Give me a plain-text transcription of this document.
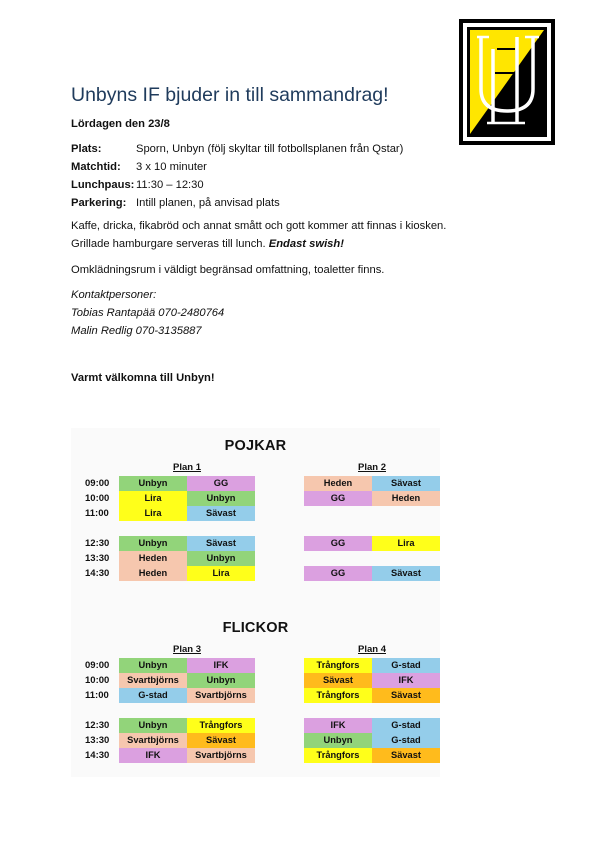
Unbyns IF bjuder in till sammandrag!
Lördagen den 23/8
Plats:	Sporn, Unbyn (följ skyltar till fotbollsplanen från Qstar)
Matchtid: 3 x 10 minuter
Lunchpaus: 11:30 – 12:30
Parkering: Intill planen, på anvisad plats
Kaffe, dricka, fikabröd och annat smått och gott kommer att finnas i kiosken.
Grillade hamburgare serveras till lunch. Endast swish!
Omklädningsrum i väldigt begränsad omfattning, toaletter finns.
Kontaktpersoner:
Tobias Rantapää 070-2480764
Malin Redlig 070-3135887
Varmt välkomna till Unbyn!
POJKAR
Plan 1	Plan 2
09:00	Unbyn	GG	Heden	Sävast
10:00	Lira	Unbyn	GG	Heden
11:00	Lira	Sävast
12:30	Unbyn	Sävast	GG	Lira
13:30	Heden	Unbyn
14:30	Heden	Lira	GG	Sävast
FLICKOR
Plan 3	Plan 4
09:00	Unbyn	IFK	Trångfors	G-stad
10:00	Svartbjörns	Unbyn	Sävast	IFK
11:00	G-stad	Svartbjörns	Trångfors	Sävast
12:30	Unbyn	Trångfors	IFK	G-stad
13:30	Svartbjörns	Sävast	Unbyn	G-stad
14:30	IFK	Svartbjörns	Trångfors	Sävast
